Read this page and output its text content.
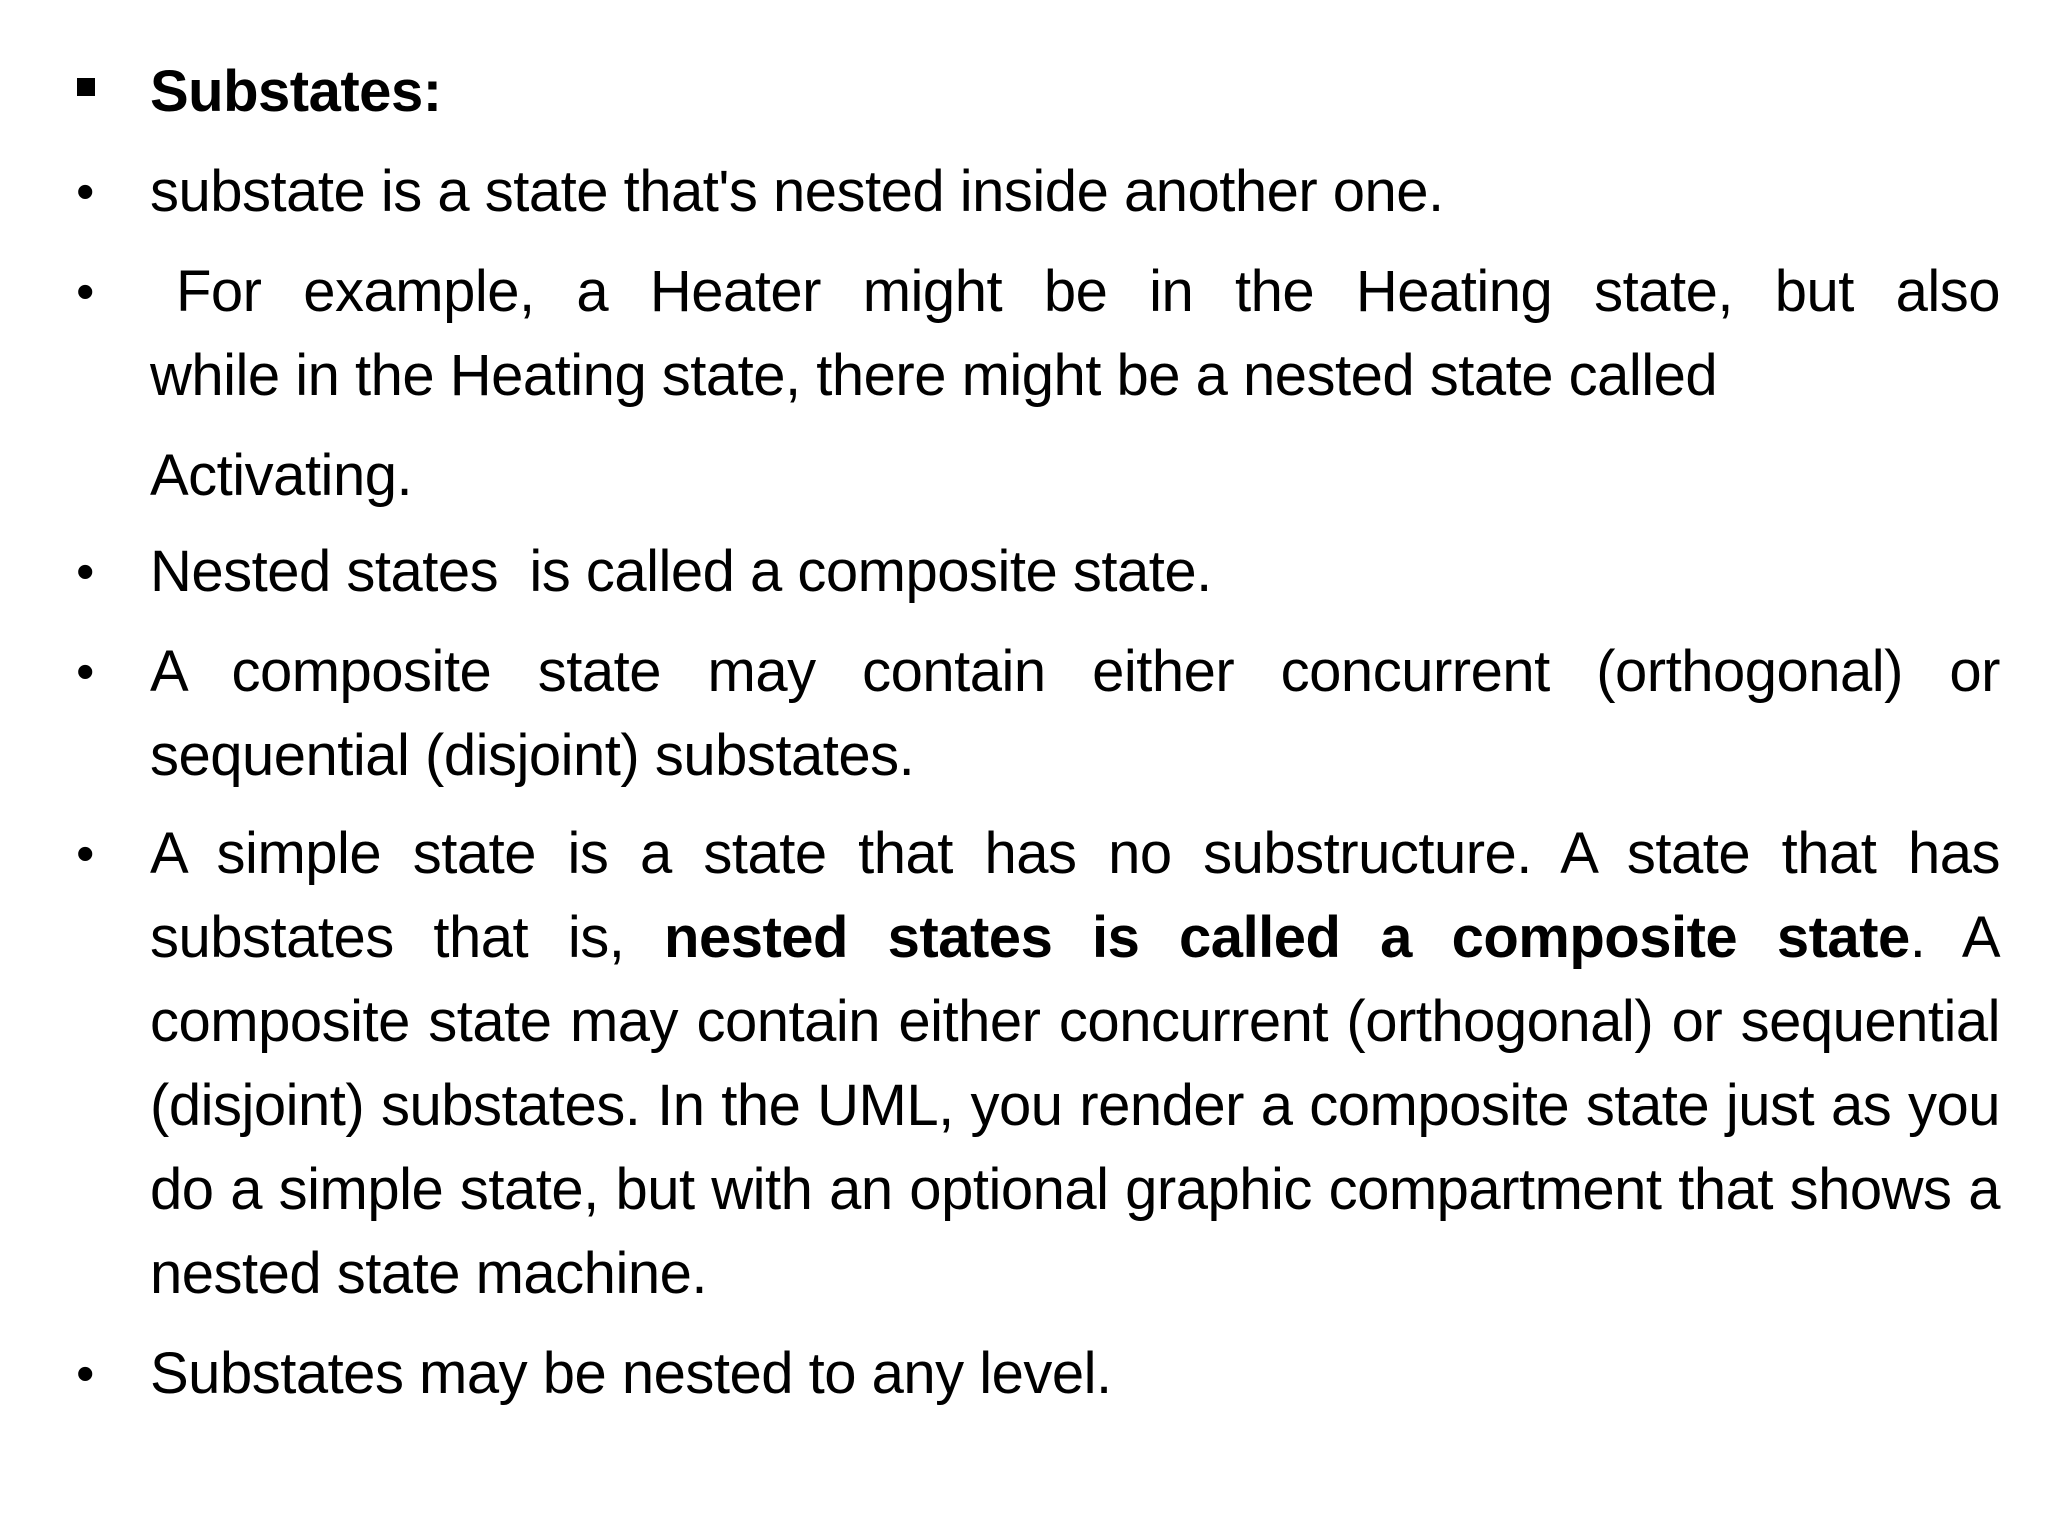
Substates:
• substate is a state that's nested inside another one.
•	For example, a Heater might be in the Heating state, but also
while in the Heating state, there might be a nested state called
Activating.
• Nested states  is called a composite state.
• A composite state may contain either concurrent (orthogonal) or sequential (disjoint) substates.
• A simple state is a state that has no substructure. A state that has substates that is, nested states is called a composite state. A composite state may contain either concurrent (orthogonal) or sequential (disjoint) substates. In the UML, you render a composite state just as you do a simple state, but with an optional graphic compartment that shows a nested state machine.
• Substates may be nested to any level.
